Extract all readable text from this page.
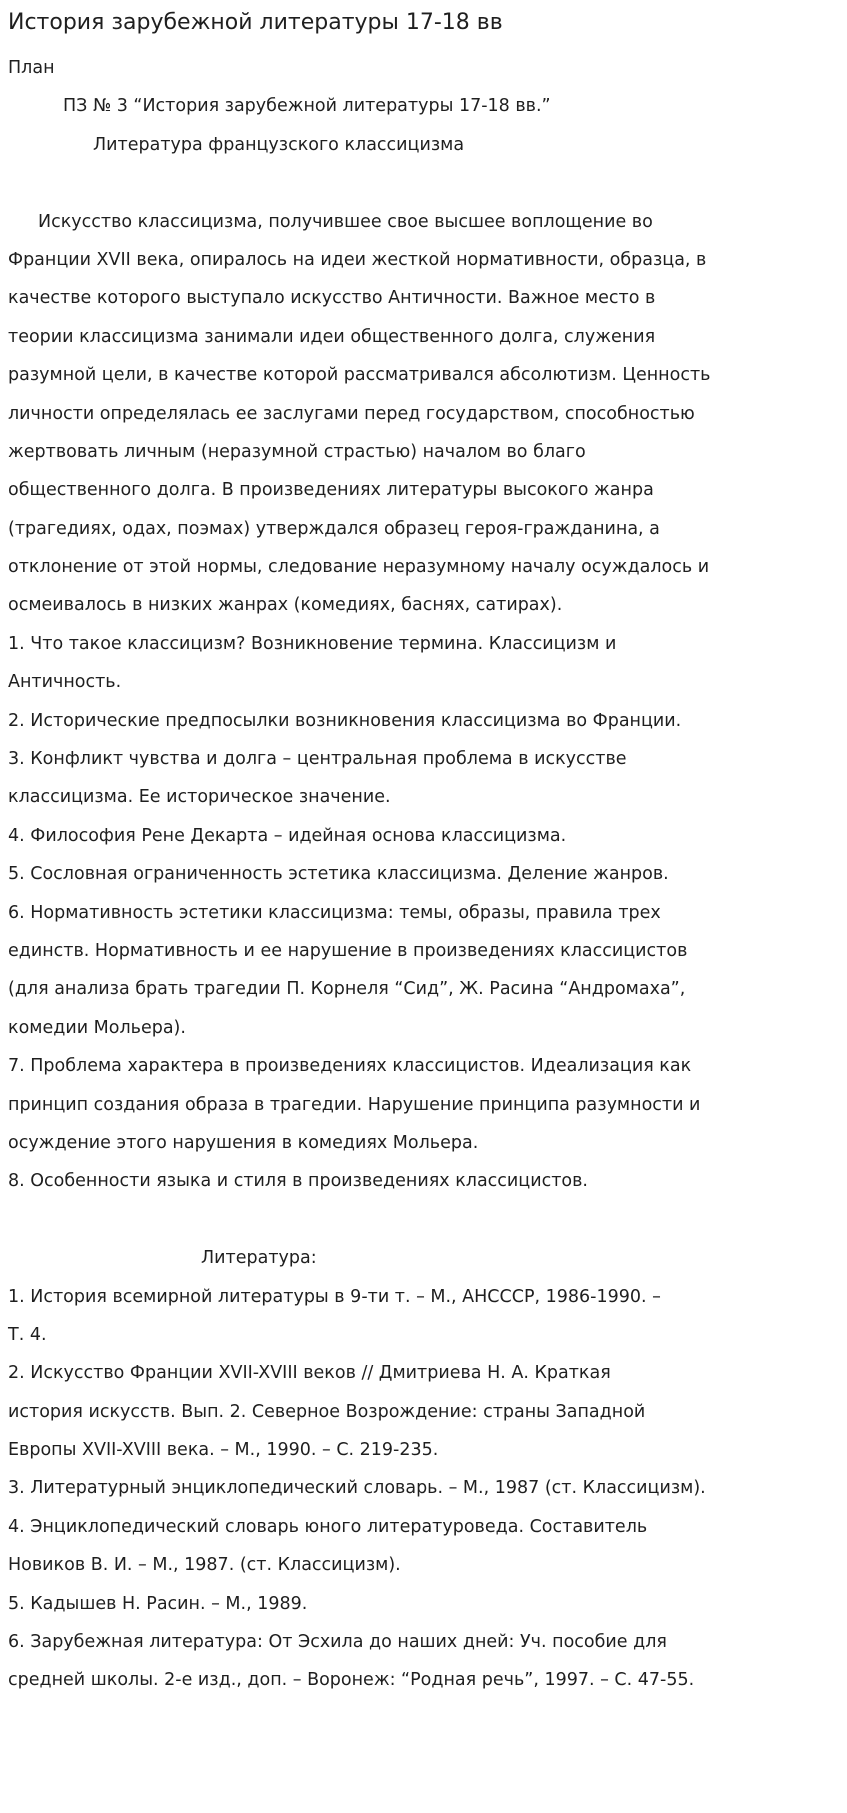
История зарубежной литературы 17-18 вв

План

ПЗ № 3 “История зарубежной литературы 17-18 вв.”

Литература французского классицизма

Искусство классицизма, получившее свое высшее воплощение во

Франции XVII века, опиралось на идеи жесткой нормативности, образца, в

качестве которого выступало искусство Античности. Важное место в

теории классицизма занимали идеи общественного долга, служения

разумной цели, в качестве которой рассматривался абсолютизм. Ценность

личности определялась ее заслугами перед государством, способностью

жертвовать личным (неразумной страстью) началом во благо

общественного долга. В произведениях литературы высокого жанра

(трагедиях, одах, поэмах) утверждался образец героя-гражданина, а

отклонение от этой нормы, следование неразумному началу осуждалось и

осмеивалось в низких жанрах (комедиях, баснях, сатирах).

1. Что такое классицизм? Возникновение термина. Классицизм и

Античность.

2. Исторические предпосылки возникновения классицизма во Франции.

3. Конфликт чувства и долга – центральная проблема в искусстве

классицизма. Ее историческое значение.

4. Философия Рене Декарта – идейная основа классицизма.

5. Сословная ограниченность эстетика классицизма. Деление жанров.

6. Нормативность эстетики классицизма: темы, образы, правила трех

единств. Нормативность и ее нарушение в произведениях классицистов

(для анализа брать трагедии П. Корнеля “Сид”, Ж. Расина “Андромаха”,

комедии Мольера).

7. Проблема характера в произведениях классицистов. Идеализация как

принцип создания образа в трагедии. Нарушение принципа разумности и

осуждение этого нарушения в комедиях Мольера.

8. Особенности языка и стиля в произведениях классицистов.

Литература:

1. История всемирной литературы в 9-ти т. – М., АНСССР, 1986-1990. –

Т. 4.

2. Искусство Франции XVII-XVIII веков // Дмитриева Н. А. Краткая

история искусств. Вып. 2. Северное Возрождение: страны Западной

Европы XVII-XVIII века. – М., 1990. – С. 219-235.

3. Литературный энциклопедический словарь. – М., 1987 (ст. Классицизм).

4. Энциклопедический словарь юного литературоведа. Составитель

Новиков В. И. – М., 1987. (ст. Классицизм).

5. Кадышев Н. Расин. – М., 1989.

6. Зарубежная литература: От Эсхила до наших дней: Уч. пособие для

средней школы. 2-е изд., доп. – Воронеж: “Родная речь”, 1997. – С. 47-55.
